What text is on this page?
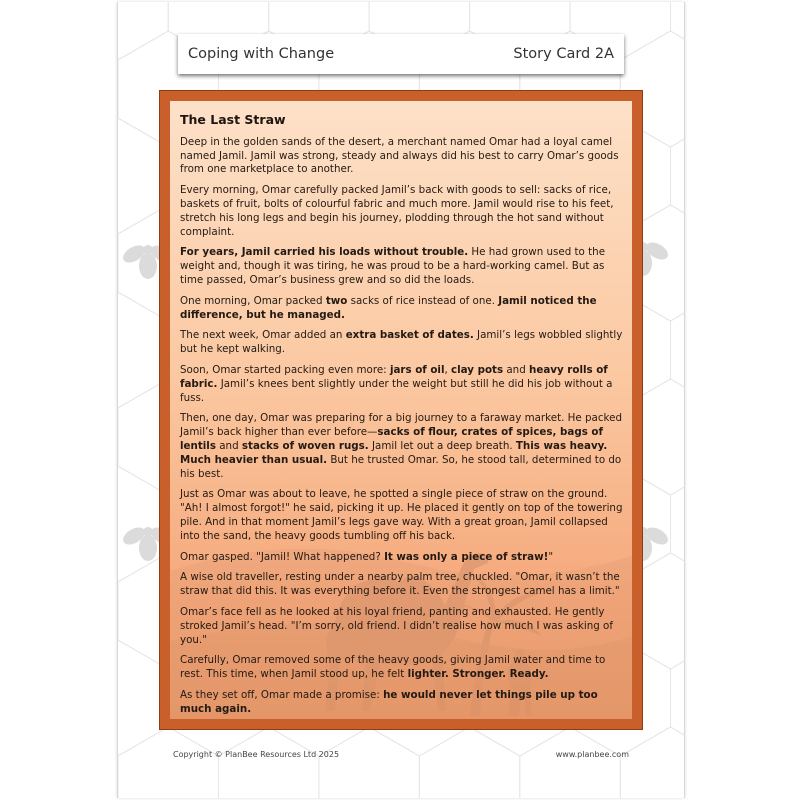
Coping with Change	Story Card 2A
The Last Straw

Deep in the golden sands of the desert, a merchant named Omar had a loyal camel named Jamil. Jamil was strong, steady and always did his best to carry Omar’s goods from one marketplace to another.

Every morning, Omar carefully packed Jamil’s back with goods to sell: sacks of rice, baskets of fruit, bolts of colourful fabric and much more. Jamil would rise to his feet, stretch his long legs and begin his journey, plodding through the hot sand without complaint.

For years, Jamil carried his loads without trouble. He had grown used to the weight and, though it was tiring, he was proud to be a hard-working camel. But as time passed, Omar’s business grew and so did the loads.

One morning, Omar packed two sacks of rice instead of one. Jamil noticed the difference, but he managed.

The next week, Omar added an extra basket of dates. Jamil’s legs wobbled slightly but he kept walking.

Soon, Omar started packing even more: jars of oil, clay pots and heavy rolls of fabric. Jamil’s knees bent slightly under the weight but still he did his job without a fuss.

Then, one day, Omar was preparing for a big journey to a faraway market. He packed Jamil’s back higher than ever before—sacks of flour, crates of spices, bags of lentils and stacks of woven rugs. Jamil let out a deep breath. This was heavy. Much heavier than usual. But he trusted Omar. So, he stood tall, determined to do his best.

Just as Omar was about to leave, he spotted a single piece of straw on the ground. "Ah! I almost forgot!" he said, picking it up. He placed it gently on top of the towering pile. And in that moment Jamil’s legs gave way. With a great groan, Jamil collapsed into the sand, the heavy goods tumbling off his back.

Omar gasped. "Jamil! What happened? It was only a piece of straw!"

A wise old traveller, resting under a nearby palm tree, chuckled. "Omar, it wasn’t the straw that did this. It was everything before it. Even the strongest camel has a limit."

Omar’s face fell as he looked at his loyal friend, panting and exhausted. He gently stroked Jamil’s head. "I’m sorry, old friend. I didn’t realise how much I was asking of you."

Carefully, Omar removed some of the heavy goods, giving Jamil water and time to rest. This time, when Jamil stood up, he felt lighter. Stronger. Ready.

As they set off, Omar made a promise: he would never let things pile up too much again.

Copyright © PlanBee Resources Ltd 2025	www.planbee.com
